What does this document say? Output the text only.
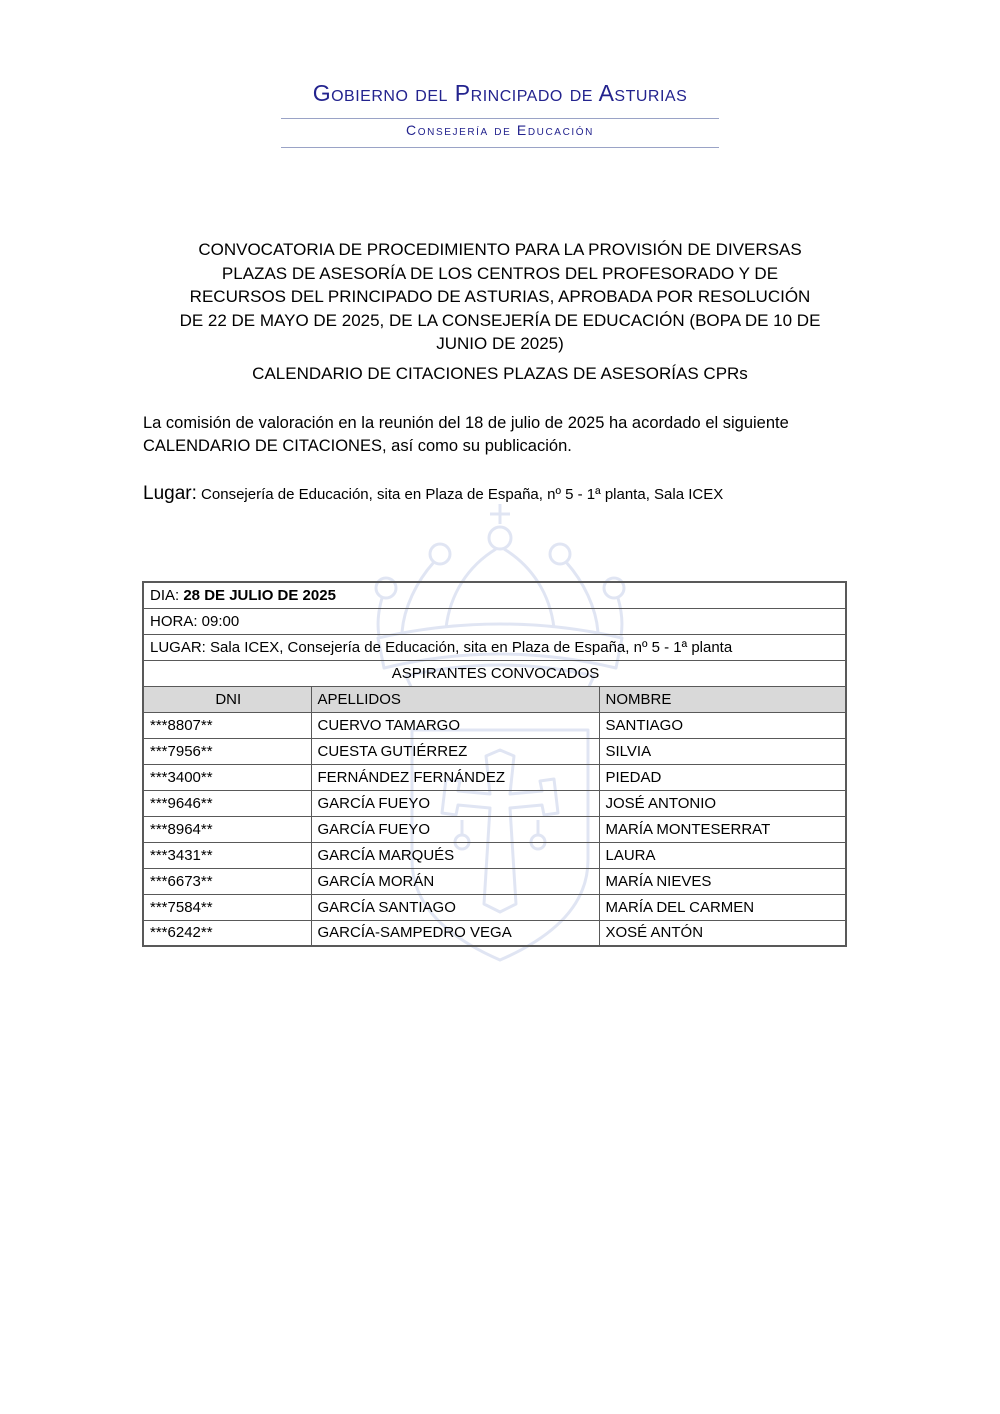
Gobierno del Principado de Asturias
Consejería de Educación
CONVOCATORIA DE PROCEDIMIENTO PARA LA PROVISIÓN DE DIVERSAS
PLAZAS DE ASESORÍA DE LOS CENTROS DEL PROFESORADO Y DE
RECURSOS DEL PRINCIPADO DE ASTURIAS, APROBADA POR RESOLUCIÓN
DE 22 DE MAYO DE 2025, DE LA CONSEJERÍA DE EDUCACIÓN (BOPA DE 10 DE
JUNIO DE 2025)
CALENDARIO DE CITACIONES PLAZAS DE ASESORÍAS CPRs
La comisión de valoración en la reunión del 18 de julio de 2025 ha acordado el siguiente
CALENDARIO DE CITACIONES, así como su publicación.
Lugar: Consejería de Educación, sita en Plaza de España, nº 5 - 1ª planta, Sala ICEX
DIA: 28 DE JULIO DE 2025		
HORA: 09:00		
LUGAR: Sala ICEX, Consejería de Educación, sita en Plaza de España, nº 5 - 1ª planta		
ASPIRANTES CONVOCADOS		
DNI	APELLIDOS	NOMBRE
***8807**	CUERVO TAMARGO	SANTIAGO
***7956**	CUESTA GUTIÉRREZ	SILVIA
***3400**	FERNÁNDEZ FERNÁNDEZ	PIEDAD
***9646**	GARCÍA FUEYO	JOSÉ ANTONIO
***8964**	GARCÍA FUEYO	MARÍA MONTESERRAT
***3431**	GARCÍA MARQUÉS	LAURA
***6673**	GARCÍA MORÁN	MARÍA NIEVES
***7584**	GARCÍA SANTIAGO	MARÍA DEL CARMEN
***6242**	GARCÍA-SAMPEDRO VEGA	XOSÉ ANTÓN
